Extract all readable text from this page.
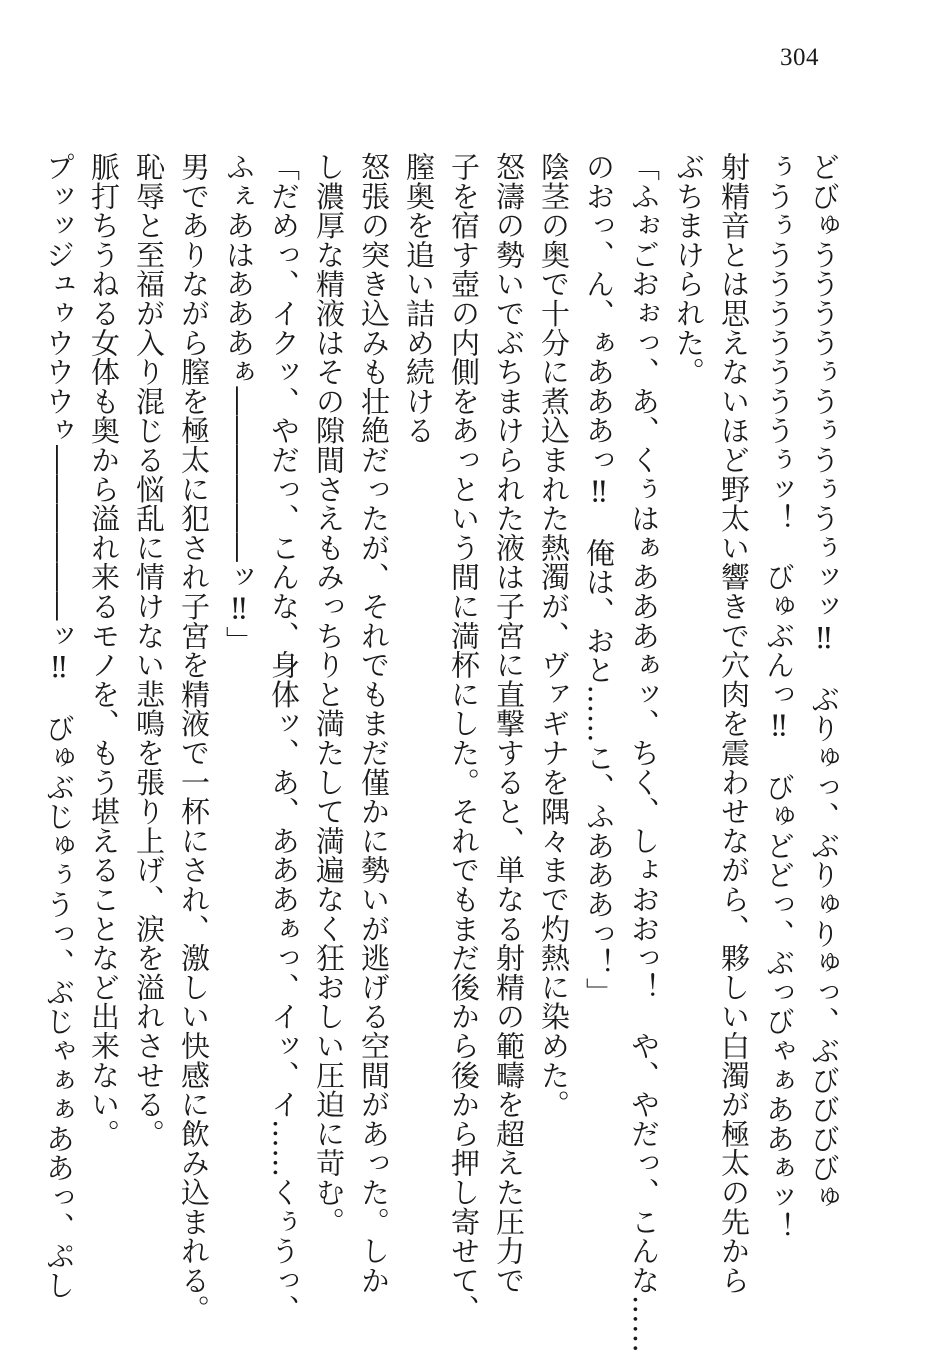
304
どびゅううううぅうぅうぅうぅッッ‼︎　ぶりゅっ、ぶりゅりゅっ、ぶびびびびゅ
ぅうぅうううううううぅッ！　びゅぶんっ‼︎　びゅどどっ、ぶっびゃぁああぁッ！
射精音とは思えないほど野太い響きで穴肉を震わせながら、夥しい白濁が極太の先から
ぶちまけられた。
「ふぉごおぉっ、あ、くぅはぁあああぁッ、ちく、しょおおっ！　や、やだっ、こんな……
のおっ、ん、ぁあああっ‼︎　俺は、おと……こ、ふあああっ！」
陰茎の奥で十分に煮込まれた熱濁が、ヴァギナを隅々まで灼熱に染めた。
怒濤の勢いでぶちまけられた液は子宮に直撃すると、単なる射精の範疇を超えた圧力で
子を宿す壺の内側をあっという間に満杯にした。それでもまだ後から後から押し寄せて、
膣奥を追い詰め続ける
怒張の突き込みも壮絶だったが、それでもまだ僅かに勢いが逃げる空間があった。しか
し濃厚な精液はその隙間さえもみっちりと満たして満遍なく狂おしい圧迫に苛む。
「だめっ、イクッ、やだっ、こんな、身体ッ、あ、あああぁっ、イッ、イ……くぅうっ、
ふぇあはあああぁ――――――ッ‼︎」
男でありながら膣を極太に犯され子宮を精液で一杯にされ、激しい快感に飲み込まれる。
恥辱と至福が入り混じる悩乱に情けない悲鳴を張り上げ、涙を溢れさせる。
脈打ちうねる女体も奥から溢れ来るモノを、もう堪えることなど出来ない。
プッッジュゥウウウゥ――――――ッ‼︎　びゅぶじゅぅうっ、ぶじゃぁぁああっ、ぷし
